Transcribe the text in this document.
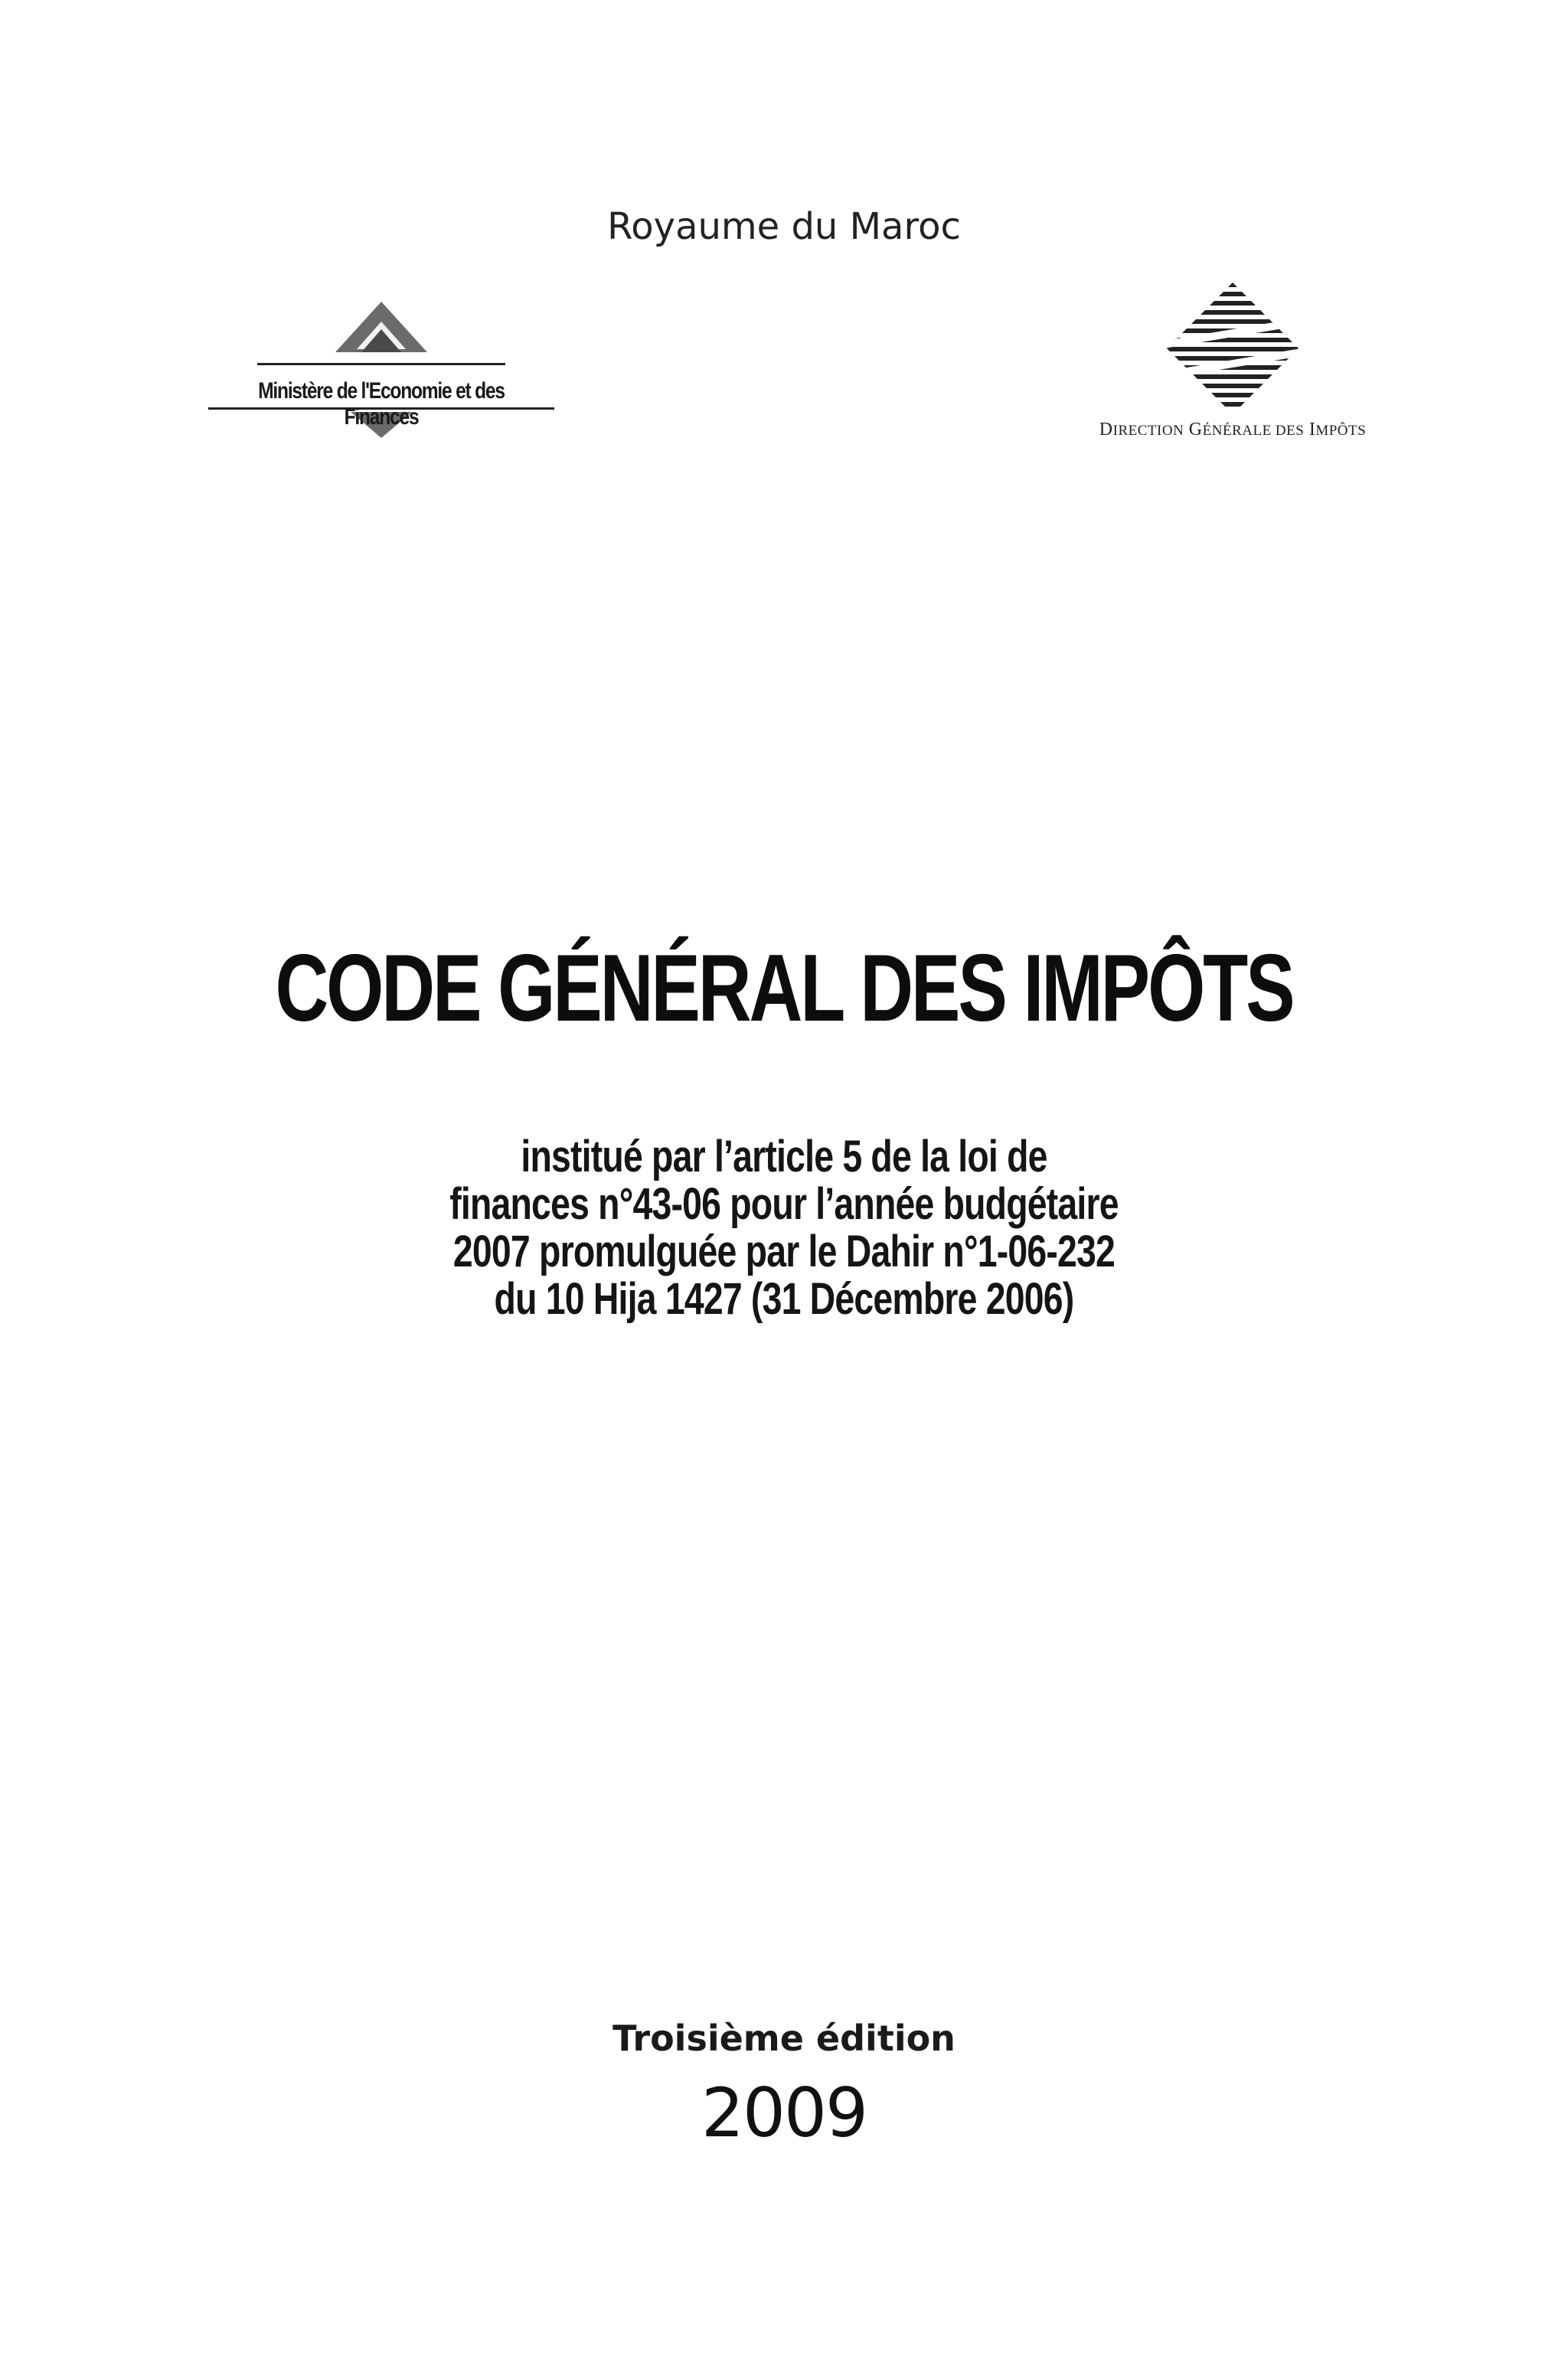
Royaume du Maroc
Ministère de l'Economie et des Finances	DIRECTION GÉNÉRALE DES IMPÔTS
CODE GÉNÉRAL DES IMPÔTS
institué par l’article 5 de la loi de
finances n°43-06 pour l’année budgétaire
2007 promulguée par le Dahir n°1-06-232
du 10 Hija 1427 (31 Décembre 2006)
Troisième édition
2009
